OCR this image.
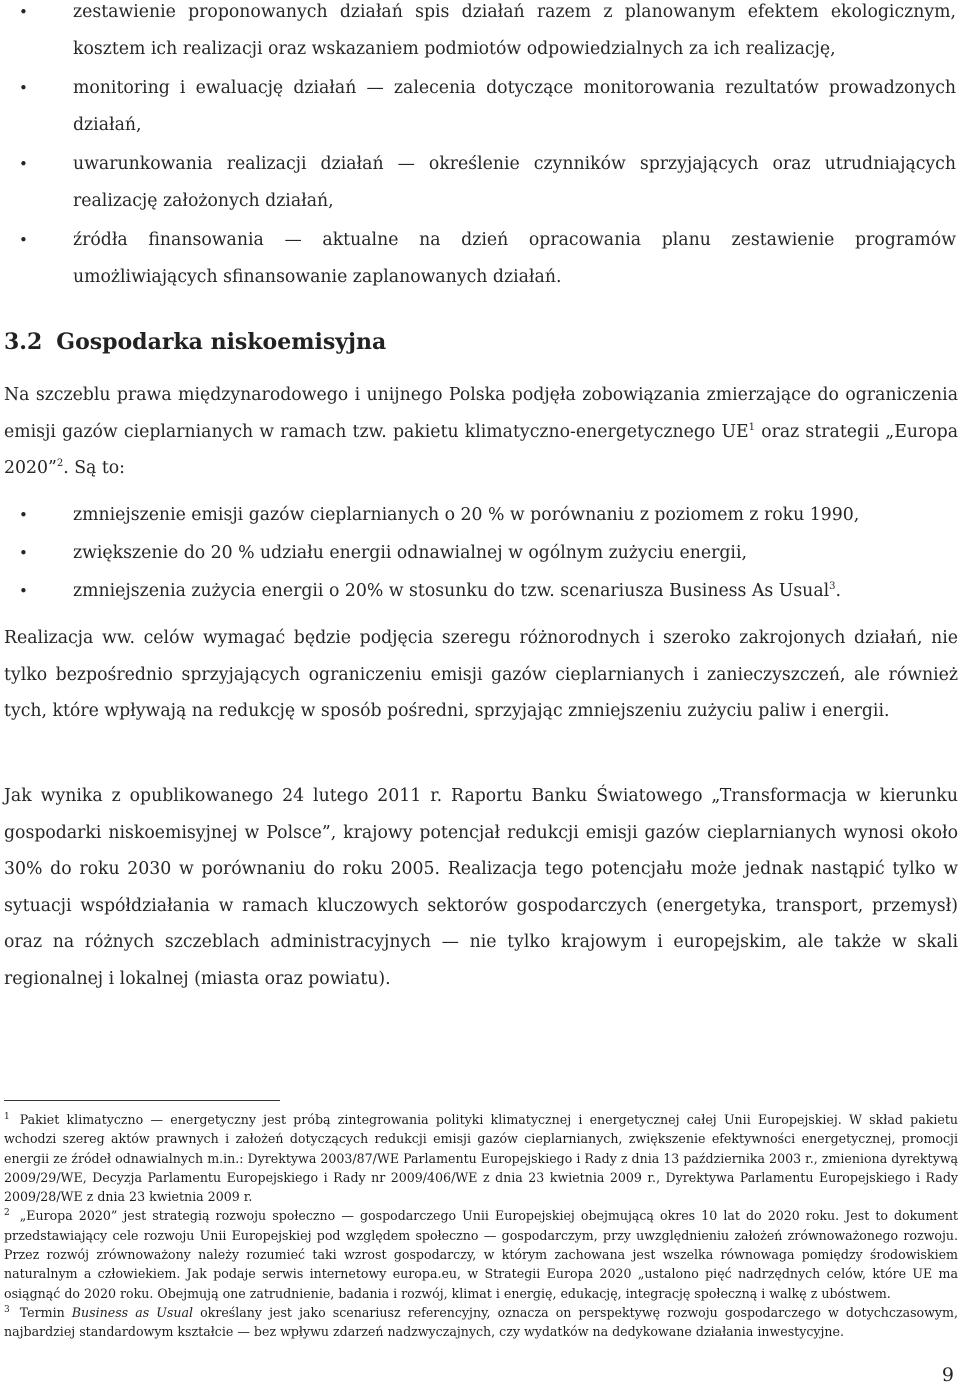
•	zestawienie proponowanych działań spis działań razem z planowanym efektem ekologicznym, kosztem ich realizacji oraz wskazaniem podmiotów odpowiedzialnych za ich realizację,
•	monitoring i ewaluację działań — zalecenia dotyczące monitorowania rezultatów prowadzonych działań,
•	uwarunkowania realizacji działań — określenie czynników sprzyjających oraz utrudniających realizację założonych działań,
•	źródła finansowania — aktualne na dzień opracowania planu zestawienie programów umożliwiających sfinansowanie zaplanowanych działań.
3.2 Gospodarka niskoemisyjna

Na szczeblu prawa międzynarodowego i unijnego Polska podjęła zobowiązania zmierzające do ograniczenia emisji gazów cieplarnianych w ramach tzw. pakietu klimatyczno-energetycznego $UE^1$ oraz strategii „Europa 2020”$^2$. Są to:

•	zmniejszenie emisji gazów cieplarnianych o 20 % w porównaniu z poziomem z roku 1990,
•	zwiększenie do 20 % udziału energii odnawialnej w ogólnym zużyciu energii,
•	zmniejszenia zużycia energii o 20% w stosunku do tzw. scenariusza Business As Usual$^3$.

Realizacja ww. celów wymagać będzie podjęcia szeregu różnorodnych i szeroko zakrojonych działań, nie tylko bezpośrednio sprzyjających ograniczeniu emisji gazów cieplarnianych i zanieczyszczeń, ale również tych, które wpływają na redukcję w sposób pośredni, sprzyjając zmniejszeniu zużyciu paliw i energii.

Jak wynika z opublikowanego 24 lutego 2011 r. Raportu Banku Światowego „Transformacja w kierunku gospodarki niskoemisyjnej w Polsce”, krajowy potencjał redukcji emisji gazów cieplarnianych wynosi około 30% do roku 2030 w porównaniu do roku 2005. Realizacja tego potencjału może jednak nastąpić tylko w sytuacji współdziałania w ramach kluczowych sektorów gospodarczych (energetyka, transport, przemysł) oraz na różnych szczeblach administracyjnych — nie tylko krajowym i europejskim, ale także w skali regionalnej i lokalnej (miasta oraz powiatu).

$^1$ Pakiet klimatyczno — energetyczny jest próbą zintegrowania polityki klimatycznej i energetycznej całej Unii Europejskiej. W skład pakietu wchodzi szereg aktów prawnych i założeń dotyczących redukcji emisji gazów cieplarnianych, zwiększenie efektywności energetycznej, promocji energii ze źródeł odnawialnych m.in.: Dyrektywa 2003/87/WE Parlamentu Europejskiego i Rady z dnia 13 października 2003 r., zmieniona dyrektywą 2009/29/WE, Decyzja Parlamentu Europejskiego i Rady nr 2009/406/WE z dnia 23 kwietnia 2009 r., Dyrektywa Parlamentu Europejskiego i Rady 2009/28/WE z dnia 23 kwietnia 2009 r.

$^2$ „Europa 2020” jest strategią rozwoju społeczno — gospodarczego Unii Europejskiej obejmującą okres 10 lat do 2020 roku. Jest to dokument przedstawiający cele rozwoju Unii Europejskiej pod względem społeczno — gospodarczym, przy uwzględnieniu założeń zrównoważonego rozwoju. Przez rozwój zrównoważony należy rozumieć taki wzrost gospodarczy, w którym zachowana jest wszelka równowaga pomiędzy środowiskiem naturalnym a człowiekiem. Jak podaje serwis internetowy europa.eu, w Strategii Europa 2020 „ustalono pięć nadrzędnych celów, które UE ma osiągnąć do 2020 roku. Obejmują one zatrudnienie, badania i rozwój, klimat i energię, edukację, integrację społeczną i walkę z ubóstwem.

$^3$ Termin Business as Usual określany jest jako scenariusz referencyjny, oznacza on perspektywę rozwoju gospodarczego w dotychczasowym, najbardziej standardowym kształcie — bez wpływu zdarzeń nadzwyczajnych, czy wydatków na dedykowane działania inwestycyjne.

9
